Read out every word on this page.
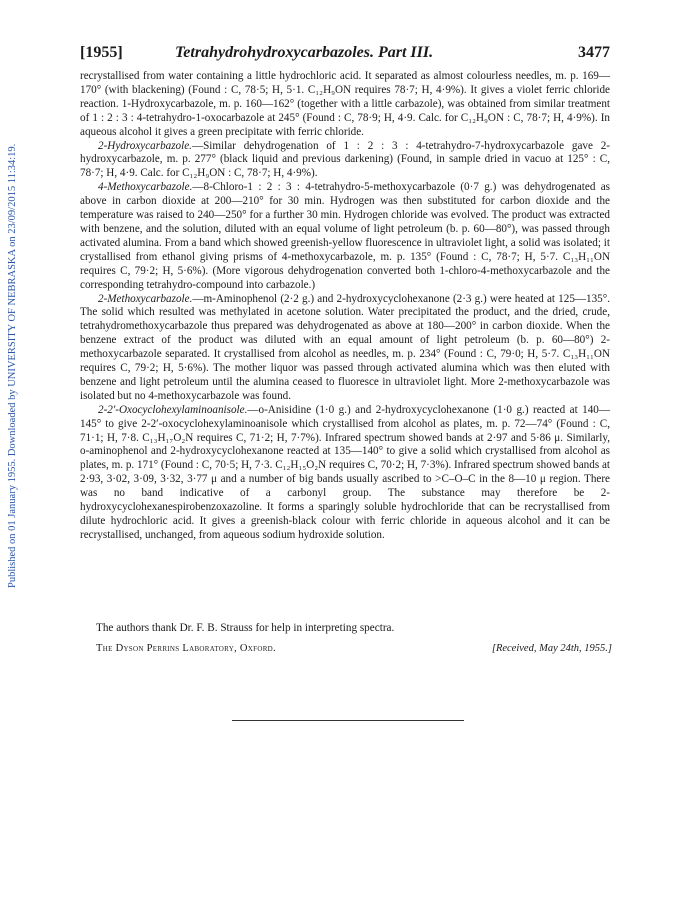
Published on 01 January 1955. Downloaded by UNIVERSITY OF NEBRASKA on 23/09/2015 11:34:19.
[1955]	Tetrahydrohydroxycarbazoles. Part III.	3477

recrystallised from water containing a little hydrochloric acid. It separated as almost colourless needles, m. p. 169—170° (with blackening) (Found : C, 78·5; H, 5·1. C₁₂H₉ON requires 78·7; H, 4·9%). It gives a violet ferric chloride reaction. 1-Hydroxycarbazole, m. p. 160—162° (together with a little carbazole), was obtained from similar treatment of 1 : 2 : 3 : 4-tetrahydro-1-oxocarbazole at 245° (Found : C, 78·9; H, 4·9. Calc. for C₁₂H₉ON : C, 78·7; H, 4·9%). In aqueous alcohol it gives a green precipitate with ferric chloride.

2-Hydroxycarbazole.—Similar dehydrogenation of 1 : 2 : 3 : 4-tetrahydro-7-hydroxycarbazole gave 2-hydroxycarbazole, m. p. 277° (black liquid and previous darkening) (Found, in sample dried in vacuo at 125° : C, 78·7; H, 4·9. Calc. for C₁₂H₉ON : C, 78·7; H, 4·9%).

4-Methoxycarbazole.—8-Chloro-1 : 2 : 3 : 4-tetrahydro-5-methoxycarbazole (0·7 g.) was dehydrogenated as above in carbon dioxide at 200—210° for 30 min. Hydrogen was then substituted for carbon dioxide and the temperature was raised to 240—250° for a further 30 min. Hydrogen chloride was evolved. The product was extracted with benzene, and the solution, diluted with an equal volume of light petroleum (b. p. 60—80°), was passed through activated alumina. From a band which showed greenish-yellow fluorescence in ultraviolet light, a solid was isolated; it crystallised from ethanol giving prisms of 4-methoxycarbazole, m. p. 135° (Found : C, 78·7; H, 5·7. C₁₃H₁₁ON requires C, 79·2; H, 5·6%). (More vigorous dehydrogenation converted both 1-chloro-4-methoxycarbazole and the corresponding tetrahydro-compound into carbazole.)

2-Methoxycarbazole.—m-Aminophenol (2·2 g.) and 2-hydroxycyclohexanone (2·3 g.) were heated at 125—135°. The solid which resulted was methylated in acetone solution. Water precipitated the product, and the dried, crude, tetrahydromethoxycarbazole thus prepared was dehydrogenated as above at 180—200° in carbon dioxide. When the benzene extract of the product was diluted with an equal amount of light petroleum (b. p. 60—80°) 2-methoxycarbazole separated. It crystallised from alcohol as needles, m. p. 234° (Found : C, 79·0; H, 5·7. C₁₃H₁₁ON requires C, 79·2; H, 5·6%). The mother liquor was passed through activated alumina which was then eluted with benzene and light petroleum until the alumina ceased to fluoresce in ultraviolet light. More 2-methoxycarbazole was isolated but no 4-methoxycarbazole was found.

2-2′-Oxocyclohexylaminoanisole.—o-Anisidine (1·0 g.) and 2-hydroxycyclohexanone (1·0 g.) reacted at 140—145° to give 2-2′-oxocyclohexylaminoanisole which crystallised from alcohol as plates, m. p. 72—74° (Found : C, 71·1; H, 7·8. C₁₃H₁₇O₂N requires C, 71·2; H, 7·7%). Infrared spectrum showed bands at 2·97 and 5·86 μ. Similarly, o-aminophenol and 2-hydroxycyclohexanone reacted at 135—140° to give a solid which crystallised from alcohol as plates, m. p. 171° (Found : C, 70·5; H, 7·3. C₁₂H₁₅O₂N requires C, 70·2; H, 7·3%). Infrared spectrum showed bands at 2·93, 3·02, 3·09, 3·32, 3·77 μ and a number of big bands usually ascribed to >C–O–C in the 8—10 μ region. There was no band indicative of a carbonyl group. The substance may therefore be 2-hydroxycyclohexanespirobenzoxazoline. It forms a sparingly soluble hydrochloride that can be recrystallised from dilute hydrochloric acid. It gives a greenish-black colour with ferric chloride in aqueous alcohol and it can be recrystallised, unchanged, from aqueous sodium hydroxide solution.

The authors thank Dr. F. B. Strauss for help in interpreting spectra.
The Dyson Perrins Laboratory, Oxford.	[Received, May 24th, 1955.]
